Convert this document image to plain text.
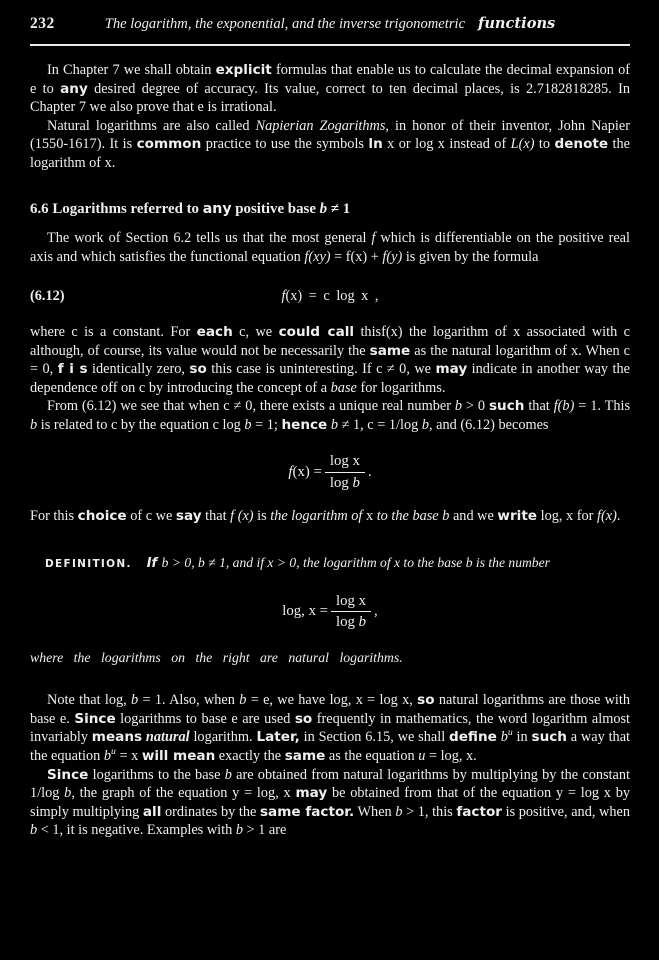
232	The logarithm, the exponential, and the inverse trigonometric functions
In Chapter 7 we shall obtain explicit formulas that enable us to calculate the decimal expansion of e to any desired degree of accuracy. Its value, correct to ten decimal places, is 2.7182818285. In Chapter 7 we also prove that e is irrational.
Natural logarithms are also called Napierian Zogarithms, in honor of their inventor, John Napier (1550-1617). It is common practice to use the symbols ln x or log x instead of L(x) to denote the logarithm of x.
6.6 Logarithms referred to any positive base b ≠ 1
The work of Section 6.2 tells us that the most general f which is differentiable on the positive real axis and which satisfies the functional equation f(xy) = f(x) + f(y) is given by the formula
(6.12)	f(x) = c log x ,
where c is a constant. For each c, we could call thisf(x) the logarithm of x associated with c although, of course, its value would not be necessarily the same as the natural logarithm of x. When c = 0, f i s identically zero, so this case is uninteresting. If c ≠ 0, we may indicate in another way the dependence off on c by introducing the concept of a base for logarithms.
From (6.12) we see that when c ≠ 0, there exists a unique real number b > 0 such that f(b) = 1. This b is related to c by the equation c log b = 1; hence b ≠ 1, c = 1/log b, and (6.12) becomes
$f(x) = \frac{\text{log x}}{\text{log b}}$ .
For this choice of c we say that f (x) is the logarithm of x to the base b and we write log, x for f(x).
DEFINITION. If b > 0, b ≠ 1, and if x > 0, the logarithm of x to the base b is the number
log, $x = \frac{\text{log x}}{\text{log b}}$ ,
where the logarithms on the right are natural logarithms.
Note that log, b = 1. Also, when b = e, we have log, x = log x, so natural logarithms are those with base e. Since logarithms to base e are used so frequently in mathematics, the word logarithm almost invariably means natural logarithm. Later, in Section 6.15, we shall define $b^u$ in such a way that the equation $b^u = x$ will mean exactly the same as the equation u = log, x.
Since logarithms to the base b are obtained from natural logarithms by multiplying by the constant 1/log b, the graph of the equation y = log, x may be obtained from that of the equation y = log x by simply multiplying all ordinates by the same factor. When b > 1, this factor is positive, and, when b < 1, it is negative. Examples with b > 1 are
